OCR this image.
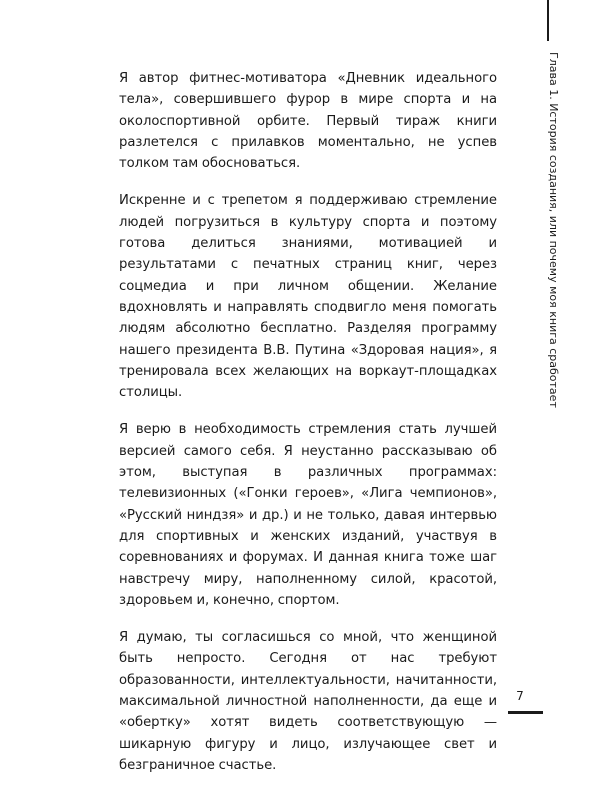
Глава 1. История создания, или почему моя книга сработает

Я автор фитнес-мотиватора «Дневник идеального тела», совершившего фурор в мире спорта и на околоспортивной орбите. Первый тираж книги разлетелся с прилавков моментально, не успев толком там обосноваться.

Искренне и с трепетом я поддерживаю стремление людей погрузиться в культуру спорта и поэтому готова делиться знаниями, мотивацией и результатами с печатных страниц книг, через соцмедиа и при личном общении. Желание вдохновлять и направлять сподвигло меня помогать людям абсолютно бесплатно. Разделяя программу нашего президента В.В. Путина «Здоровая нация», я тренировала всех желающих на воркаут-площадках столицы.

Я верю в необходимость стремления стать лучшей версией самого себя. Я неустанно рассказываю об этом, выступая в различных программах: телевизионных («Гонки героев», «Лига чемпионов», «Русский ниндзя» и др.) и не только, давая интервью для спортивных и женских изданий, участвуя в соревнованиях и форумах. И данная книга тоже шаг навстречу миру, наполненному силой, красотой, здоровьем и, конечно, спортом.

Я думаю, ты согласишься со мной, что женщиной быть непросто. Сегодня от нас требуют образованности, интеллектуальности, начитанности, максимальной личностной наполненности, да еще и «обертку» хотят видеть соответствующую — шикарную фигуру и лицо, излучающее свет и безграничное счастье.

7
